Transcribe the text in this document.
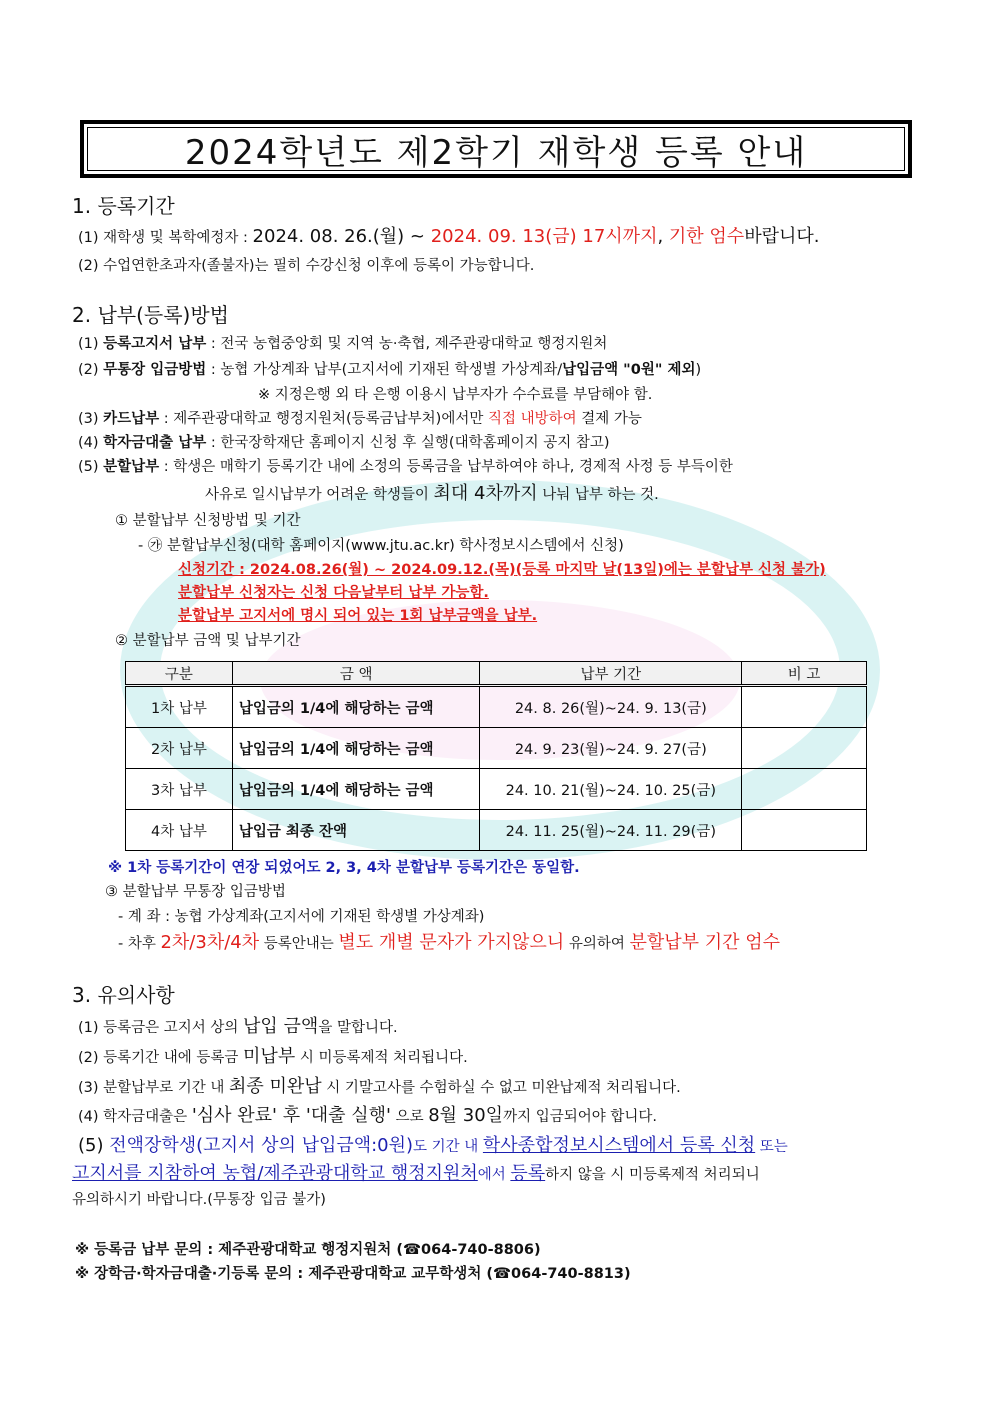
2024학년도 제2학기 재학생 등록 안내
1. 등록기간
(1) 재학생 및 복학예정자 : 2024. 08. 26.(월) ~ 2024. 09. 13(금) 17시까지, 기한 엄수바랍니다.
(2) 수업연한초과자(졸불자)는 필히 수강신청 이후에 등록이 가능합니다.
2. 납부(등록)방법
(1) 등록고지서 납부 : 전국 농협중앙회 및 지역 농·축협, 제주관광대학교 행정지원처
(2) 무통장 입금방법 : 농협 가상계좌 납부(고지서에 기재된 학생별 가상계좌/납입금액 "0원" 제외)
※ 지정은행 외 타 은행 이용시 납부자가 수수료를 부담해야 함.
(3) 카드납부 : 제주관광대학교 행정지원처(등록금납부처)에서만 직접 내방하여 결제 가능
(4) 학자금대출 납부 : 한국장학재단 홈페이지 신청 후 실행(대학홈페이지 공지 참고)
(5) 분할납부 : 학생은 매학기 등록기간 내에 소정의 등록금을 납부하여야 하나, 경제적 사정 등 부득이한
사유로 일시납부가 어려운 학생들이 최대 4차까지 나눠 납부 하는 것.
① 분할납부 신청방법 및 기간
- ㉮ 분할납부신청(대학 홈페이지(www.jtu.ac.kr) 학사정보시스템에서 신청)
신청기간 : 2024.08.26(월) ~ 2024.09.12.(목)(등록 마지막 날(13일)에는 분할납부 신청 불가)
분할납부 신청자는 신청 다음날부터 납부 가능함.
분할납부 고지서에 명시 되어 있는 1회 납부금액을 납부.
② 분할납부 금액 및 납부기간
구분	금 액	납부 기간	비 고
1차 납부	납입금의 1/4에 해당하는 금액	24. 8. 26(월)~24. 9. 13(금)	
2차 납부	납입금의 1/4에 해당하는 금액	24. 9. 23(월)~24. 9. 27(금)	
3차 납부	납입금의 1/4에 해당하는 금액	24. 10. 21(월)~24. 10. 25(금)	
4차 납부	납입금 최종 잔액	24. 11. 25(월)~24. 11. 29(금)	
※ 1차 등록기간이 연장 되었어도 2, 3, 4차 분할납부 등록기간은 동일함.
③ 분할납부 무통장 입금방법
- 계 좌 : 농협 가상계좌(고지서에 기재된 학생별 가상계좌)
- 차후 2차/3차/4차 등록안내는 별도 개별 문자가 가지않으니 유의하여 분할납부 기간 엄수
3. 유의사항
(1) 등록금은 고지서 상의 납입 금액을 말합니다.
(2) 등록기간 내에 등록금 미납부 시 미등록제적 처리됩니다.
(3) 분할납부로 기간 내 최종 미완납 시 기말고사를 수험하실 수 없고 미완납제적 처리됩니다.
(4) 학자금대출은 '심사 완료' 후 '대출 실행' 으로 8월 30일까지 입금되어야 합니다.
(5) 전액장학생(고지서 상의 납입금액:0원)도 기간 내 학사종합정보시스템에서 등록 신청 또는
고지서를 지참하여 농협/제주관광대학교 행정지원처에서 등록하지 않을 시 미등록제적 처리되니
유의하시기 바랍니다.(무통장 입금 불가)
※ 등록금 납부 문의 : 제주관광대학교 행정지원처 (☎064-740-8806)
※ 장학금·학자금대출·기등록 문의 : 제주관광대학교 교무학생처 (☎064-740-8813)
